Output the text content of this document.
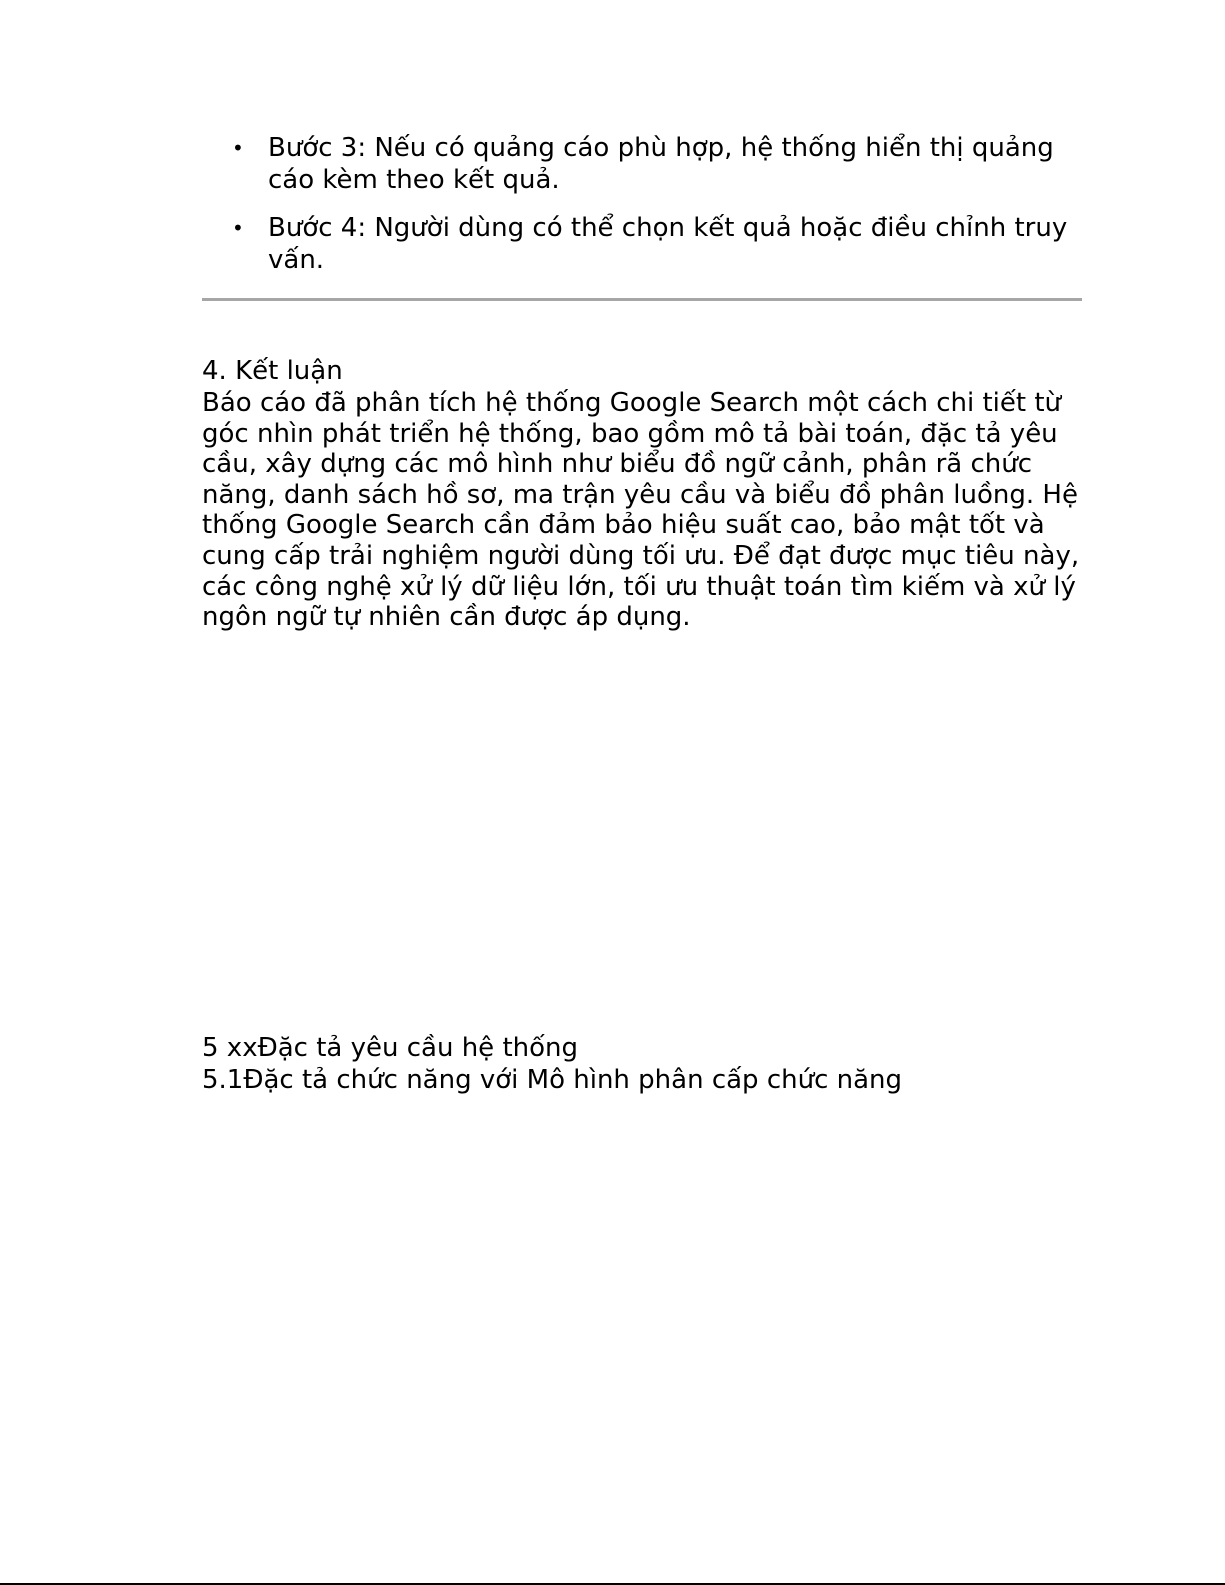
• Bước 3: Nếu có quảng cáo phù hợp, hệ thống hiển thị quảng cáo kèm theo kết quả.
• Bước 4: Người dùng có thể chọn kết quả hoặc điều chỉnh truy vấn.
4. Kết luận

Báo cáo đã phân tích hệ thống Google Search một cách chi tiết từ góc nhìn phát triển hệ thống, bao gồm mô tả bài toán, đặc tả yêu cầu, xây dựng các mô hình như biểu đồ ngữ cảnh, phân rã chức năng, danh sách hồ sơ, ma trận yêu cầu và biểu đồ phân luồng. Hệ thống Google Search cần đảm bảo hiệu suất cao, bảo mật tốt và cung cấp trải nghiệm người dùng tối ưu. Để đạt được mục tiêu này, các công nghệ xử lý dữ liệu lớn, tối ưu thuật toán tìm kiếm và xử lý ngôn ngữ tự nhiên cần được áp dụng.

5 xxĐặc tả yêu cầu hệ thống
5.1Đặc tả chức năng với Mô hình phân cấp chức năng
